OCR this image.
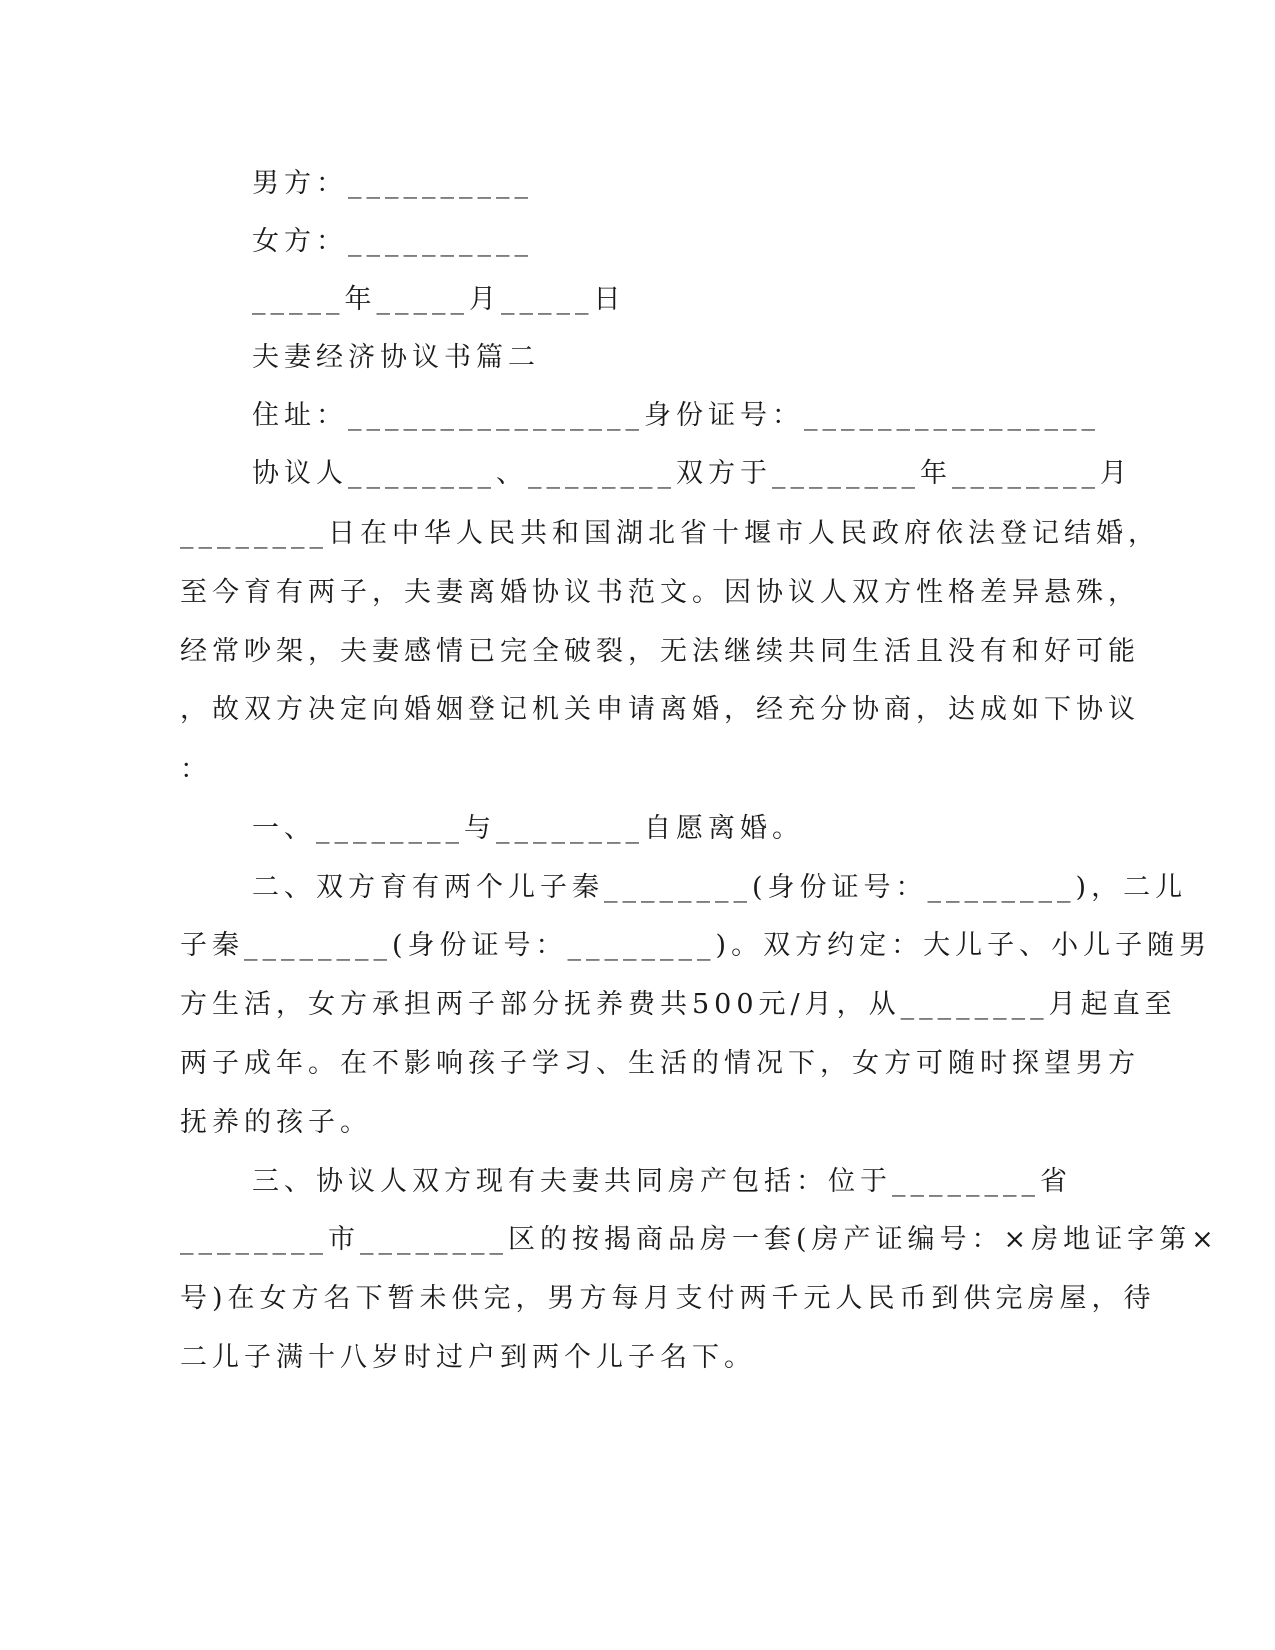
男方：__________
女方：__________
_____年_____月_____日
夫妻经济协议书篇二
住址：________________身份证号：________________
协议人________、________双方于________年________月
________日在中华人民共和国湖北省十堰市人民政府依法登记结婚，
至今育有两子，夫妻离婚协议书范文。因协议人双方性格差异悬殊，
经常吵架，夫妻感情已完全破裂，无法继续共同生活且没有和好可能
，故双方决定向婚姻登记机关申请离婚，经充分协商，达成如下协议
：
一、________与________自愿离婚。
二、双方育有两个儿子秦________(身份证号：________)，二儿
子秦________(身份证号：________)。双方约定：大儿子、小儿子随男
方生活，女方承担两子部分抚养费共500元/月，从________月起直至
两子成年。在不影响孩子学习、生活的情况下，女方可随时探望男方
抚养的孩子。
三、协议人双方现有夫妻共同房产包括：位于________省
________市________区的按揭商品房一套(房产证编号：×房地证字第×
号)在女方名下暂未供完，男方每月支付两千元人民币到供完房屋，待
二儿子满十八岁时过户到两个儿子名下。
